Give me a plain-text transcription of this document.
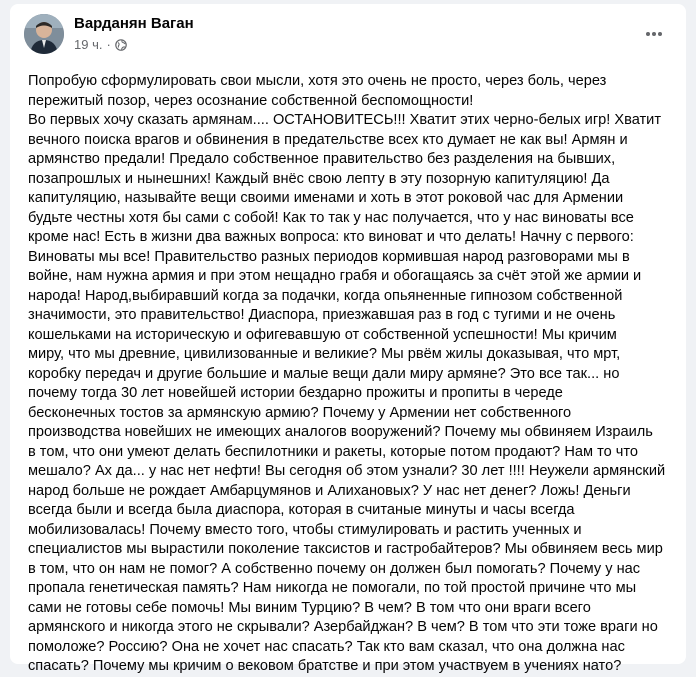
Варданян Ваган
19 ч. ·
Попробую сформулировать свои мысли, хотя это очень не просто, через боль, через
пережитый позор, через осознание собственной беспомощности!
Во первых хочу сказать армянам.... ОСТАНОВИТЕСЬ!!! Хватит этих черно-белых игр! Хватит
вечного поиска врагов и обвинения в предательстве всех кто думает не как вы! Армян и
армянство предали! Предало собственное правительство без разделения на бывших,
позапрошлых и нынешних! Каждый внёс свою лепту в эту позорную капитуляцию! Да
капитуляцию, называйте вещи своими именами и хоть в этот роковой час для Армении
будьте честны хотя бы сами с собой! Как то так у нас получается, что у нас виноваты все
кроме нас! Есть в жизни два важных вопроса: кто виноват и что делать! Начну с первого:
Виноваты мы все! Правительство разных периодов кормившая народ разговорами мы в
войне, нам нужна армия и при этом нещадно грабя и обогащаясь за счёт этой же армии и
народа! Народ,выбиравший когда за подачки, когда опьяненные гипнозом собственной
значимости, это правительство! Диаспора, приезжавшая раз в год с тугими и не очень
кошельками на историческую и офигевавшую от собственной успешности! Мы кричим
миру, что мы древние, цивилизованные и великие? Мы рвём жилы доказывая, что мрт,
коробку передач и другие большие и малые вещи дали миру армяне? Это все так... но
почему тогда 30 лет новейшей истории бездарно прожиты и пропиты в череде
бесконечных тостов за армянскую армию? Почему у Армении нет собственного
производства новейших не имеющих аналогов вооружений? Почему мы обвиняем Израиль
в том, что они умеют делать беспилотники и ракеты, которые потом продают? Нам то что
мешало? Ах да... у нас нет нефти! Вы сегодня об этом узнали? 30 лет !!!! Неужели армянский
народ больше не рождает Амбарцумянов и Алихановых? У нас нет денег? Ложь! Деньги
всегда были и всегда была диаспора, которая в считаные минуты и часы всегда
мобилизовалась! Почему вместо того, чтобы стимулировать и растить ученных и
специалистов мы вырастили поколение таксистов и гастробайтеров? Мы обвиняем весь мир
в том, что он нам не помог? А собственно почему он должен был помогать? Почему у нас
пропала генетическая память? Нам никогда не помогали, по той простой причине что мы
сами не готовы себе помочь! Мы виним Турцию? В чем? В том что они враги всего
армянского и никогда этого не скрывали? Азербайджан? В чем? В том что эти тоже враги но
помоложе? Россию? Она не хочет нас спасать? Так кто вам сказал, что она должна нас
спасать? Почему мы кричим о вековом братстве и при этом участвуем в учениях нато?
